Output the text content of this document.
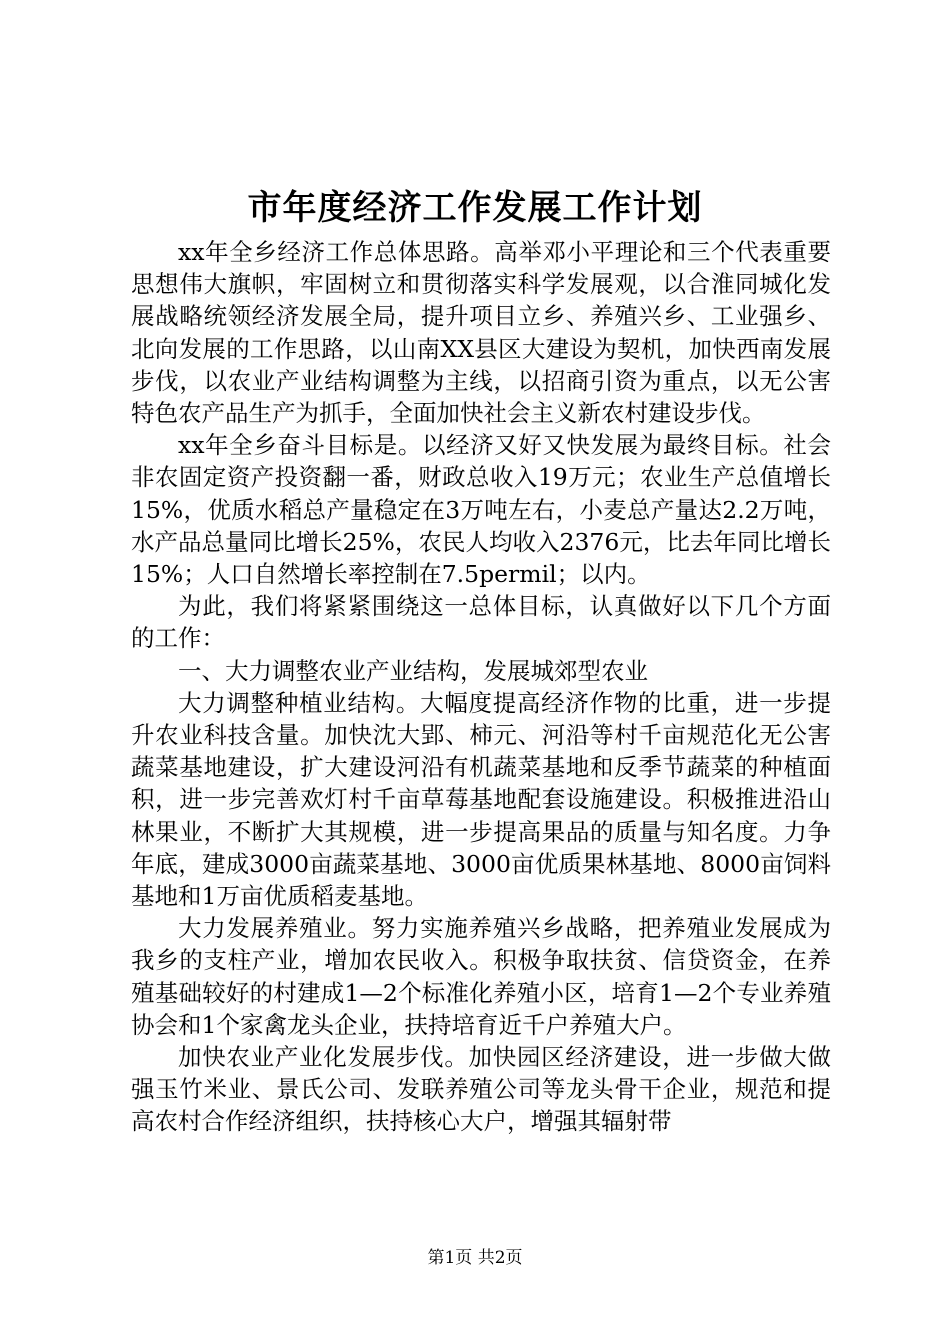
市年度经济工作发展工作计划

xx年全乡经济工作总体思路。高举邓小平理论和三个代表重要思想伟大旗帜，牢固树立和贯彻落实科学发展观，以合淮同城化发展战略统领经济发展全局，提升项目立乡、养殖兴乡、工业强乡、北向发展的工作思路，以山南XX县区大建设为契机，加快西南发展步伐，以农业产业结构调整为主线，以招商引资为重点，以无公害特色农产品生产为抓手，全面加快社会主义新农村建设步伐。

xx年全乡奋斗目标是。以经济又好又快发展为最终目标。社会非农固定资产投资翻一番，财政总收入19万元；农业生产总值增长15%，优质水稻总产量稳定在3万吨左右，小麦总产量达2.2万吨，水产品总量同比增长25%，农民人均收入2376元，比去年同比增长15%；人口自然增长率控制在7.5permil；以内。

为此，我们将紧紧围绕这一总体目标，认真做好以下几个方面的工作：

一、大力调整农业产业结构，发展城郊型农业

大力调整种植业结构。大幅度提高经济作物的比重，进一步提升农业科技含量。加快沈大郢、柿元、河沿等村千亩规范化无公害蔬菜基地建设，扩大建设河沿有机蔬菜基地和反季节蔬菜的种植面积，进一步完善欢灯村千亩草莓基地配套设施建设。积极推进沿山林果业，不断扩大其规模，进一步提高果品的质量与知名度。力争年底，建成3000亩蔬菜基地、3000亩优质果林基地、8000亩饲料基地和1万亩优质稻麦基地。

大力发展养殖业。努力实施养殖兴乡战略，把养殖业发展成为我乡的支柱产业，增加农民收入。积极争取扶贫、信贷资金，在养殖基础较好的村建成1—2个标准化养殖小区，培育1—2个专业养殖协会和1个家禽龙头企业，扶持培育近千户养殖大户。

加快农业产业化发展步伐。加快园区经济建设，进一步做大做强玉竹米业、景氏公司、发联养殖公司等龙头骨干企业，规范和提高农村合作经济组织，扶持核心大户，增强其辐射带

第1页 共2页
